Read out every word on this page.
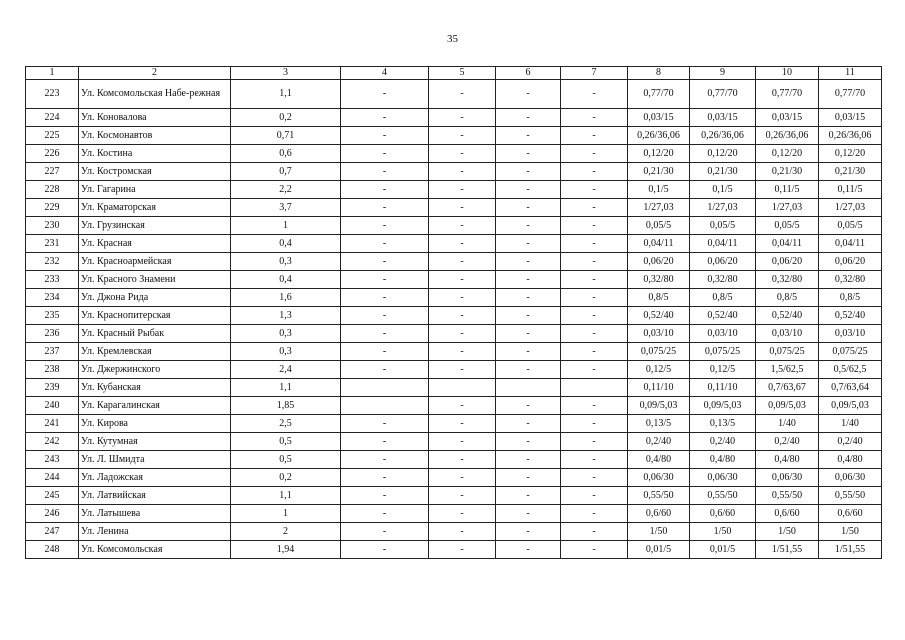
35
1	2	3	4	5	6	7	8	9	10	11
223	Ул. Комсомольская Набе-режная	1,1	-	-	-	-	0,77/70	0,77/70	0,77/70	0,77/70
224	Ул. Коновалова	0,2	-	-	-	-	0,03/15	0,03/15	0,03/15	0,03/15
225	Ул. Космонавтов	0,71	-	-	-	-	0,26/36,06	0,26/36,06	0,26/36,06	0,26/36,06
226	Ул. Костина	0,6	-	-	-	-	0,12/20	0,12/20	0,12/20	0,12/20
227	Ул. Костромская	0,7	-	-	-	-	0,21/30	0,21/30	0,21/30	0,21/30
228	Ул. Гагарина	2,2	-	-	-	-	0,1/5	0,1/5	0,11/5	0,11/5
229	Ул. Краматорская	3,7	-	-	-	-	1/27,03	1/27,03	1/27,03	1/27,03
230	Ул. Грузинская	1	-	-	-	-	0,05/5	0,05/5	0,05/5	0,05/5
231	Ул. Красная	0,4	-	-	-	-	0,04/11	0,04/11	0,04/11	0,04/11
232	Ул. Красноармейская	0,3	-	-	-	-	0,06/20	0,06/20	0,06/20	0,06/20
233	Ул. Красного Знамени	0,4	-	-	-	-	0,32/80	0,32/80	0,32/80	0,32/80
234	Ул. Джона Рида	1,6	-	-	-	-	0,8/5	0,8/5	0,8/5	0,8/5
235	Ул. Краснопитерская	1,3	-	-	-	-	0,52/40	0,52/40	0,52/40	0,52/40
236	Ул. Красный Рыбак	0,3	-	-	-	-	0,03/10	0,03/10	0,03/10	0,03/10
237	Ул. Кремлевская	0,3	-	-	-	-	0,075/25	0,075/25	0,075/25	0,075/25
238	Ул. Джержинского	2,4	-	-	-	-	0,12/5	0,12/5	1,5/62,5	0,5/62,5
239	Ул. Кубанская	1,1					0,11/10	0,11/10	0,7/63,67	0,7/63,64
240	Ул. Карагалинская	1,85		-	-	-	0,09/5,03	0,09/5,03	0,09/5,03	0,09/5,03
241	Ул. Кирова	2,5	-	-	-	-	0,13/5	0,13/5	1/40	1/40
242	Ул. Кутумная	0,5	-	-	-	-	0,2/40	0,2/40	0,2/40	0,2/40
243	Ул. Л. Шмидта	0,5	-	-	-	-	0,4/80	0,4/80	0,4/80	0,4/80
244	Ул. Ладожская	0,2	-	-	-	-	0,06/30	0,06/30	0,06/30	0,06/30
245	Ул. Латвийская	1,1	-	-	-	-	0,55/50	0,55/50	0,55/50	0,55/50
246	Ул. Латышева	1	-	-	-	-	0,6/60	0,6/60	0,6/60	0,6/60
247	Ул. Ленина	2	-	-	-	-	1/50	1/50	1/50	1/50
248	Ул. Комсомольская	1,94	-	-	-	-	0,01/5	0,01/5	1/51,55	1/51,55
